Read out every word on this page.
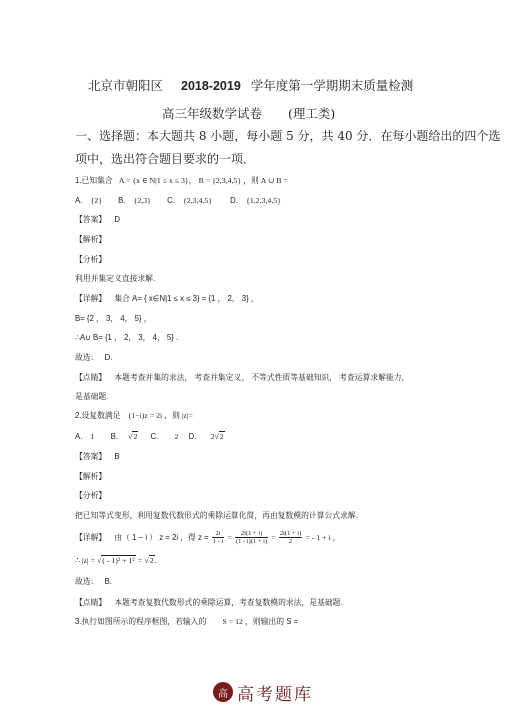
北京市朝阳区 2018-2019 学年度第一学期期末质量检测
高三年级数学试卷 (理工类)
一、选择题：本大题共 8 小题，每小题 5 分，共 40 分．在每小题给出的四个选
项中，选出符合题目要求的一项．
1.已知集合 A = {x ∈ N|1 ≤ x ≤ 3}， B = {2,3,4,5} ，则 A ∪ B =
A. {2} B. {2,3} C. {2,3,4,5} D. {1,2,3,4,5}
【答案】 D
【解析】
【分析】
利用并集定义直接求解.
【详解】 集合 A= { x∈N|1 ≤ x ≤ 3} = {1 ， 2， 3} ，
B= {2 ， 3， 4， 5} ，
∴A∪ B= {1 ， 2， 3， 4， 5} ．
故选： D.
【点睛】 本题考查并集的求法， 考查并集定义、 不等式性质等基础知识， 考查运算求解能力，
是基础题.
2.设复数满足 (1−i)z = 2i ，则 |z|=
A. 1 B. √2 C. 2 D. 2√2
【答案】 B
【解析】
【分析】
把已知等式变形，利用复数代数形式的乘除运算化简，再由复数模的计算公式求解.
【详解】 由（ 1 − i ） z = 2i ，得 $z = \frac{2i}{1 - i} = \frac{2i(1 + i)}{(1 - i)(1 + i)} = \frac{2i(1 + i)}{2}$ = - 1 + i ，
∴ |z| = √( - 1)² + 1² = √2.
故选： B.
【点睛】 本题考查复数代数形式的乘除运算，考查复数模的求法，是基础题.
3.执行如图所示的程序框图，若输入的 S = 12 ，则输出的 S =
高 高考题库
